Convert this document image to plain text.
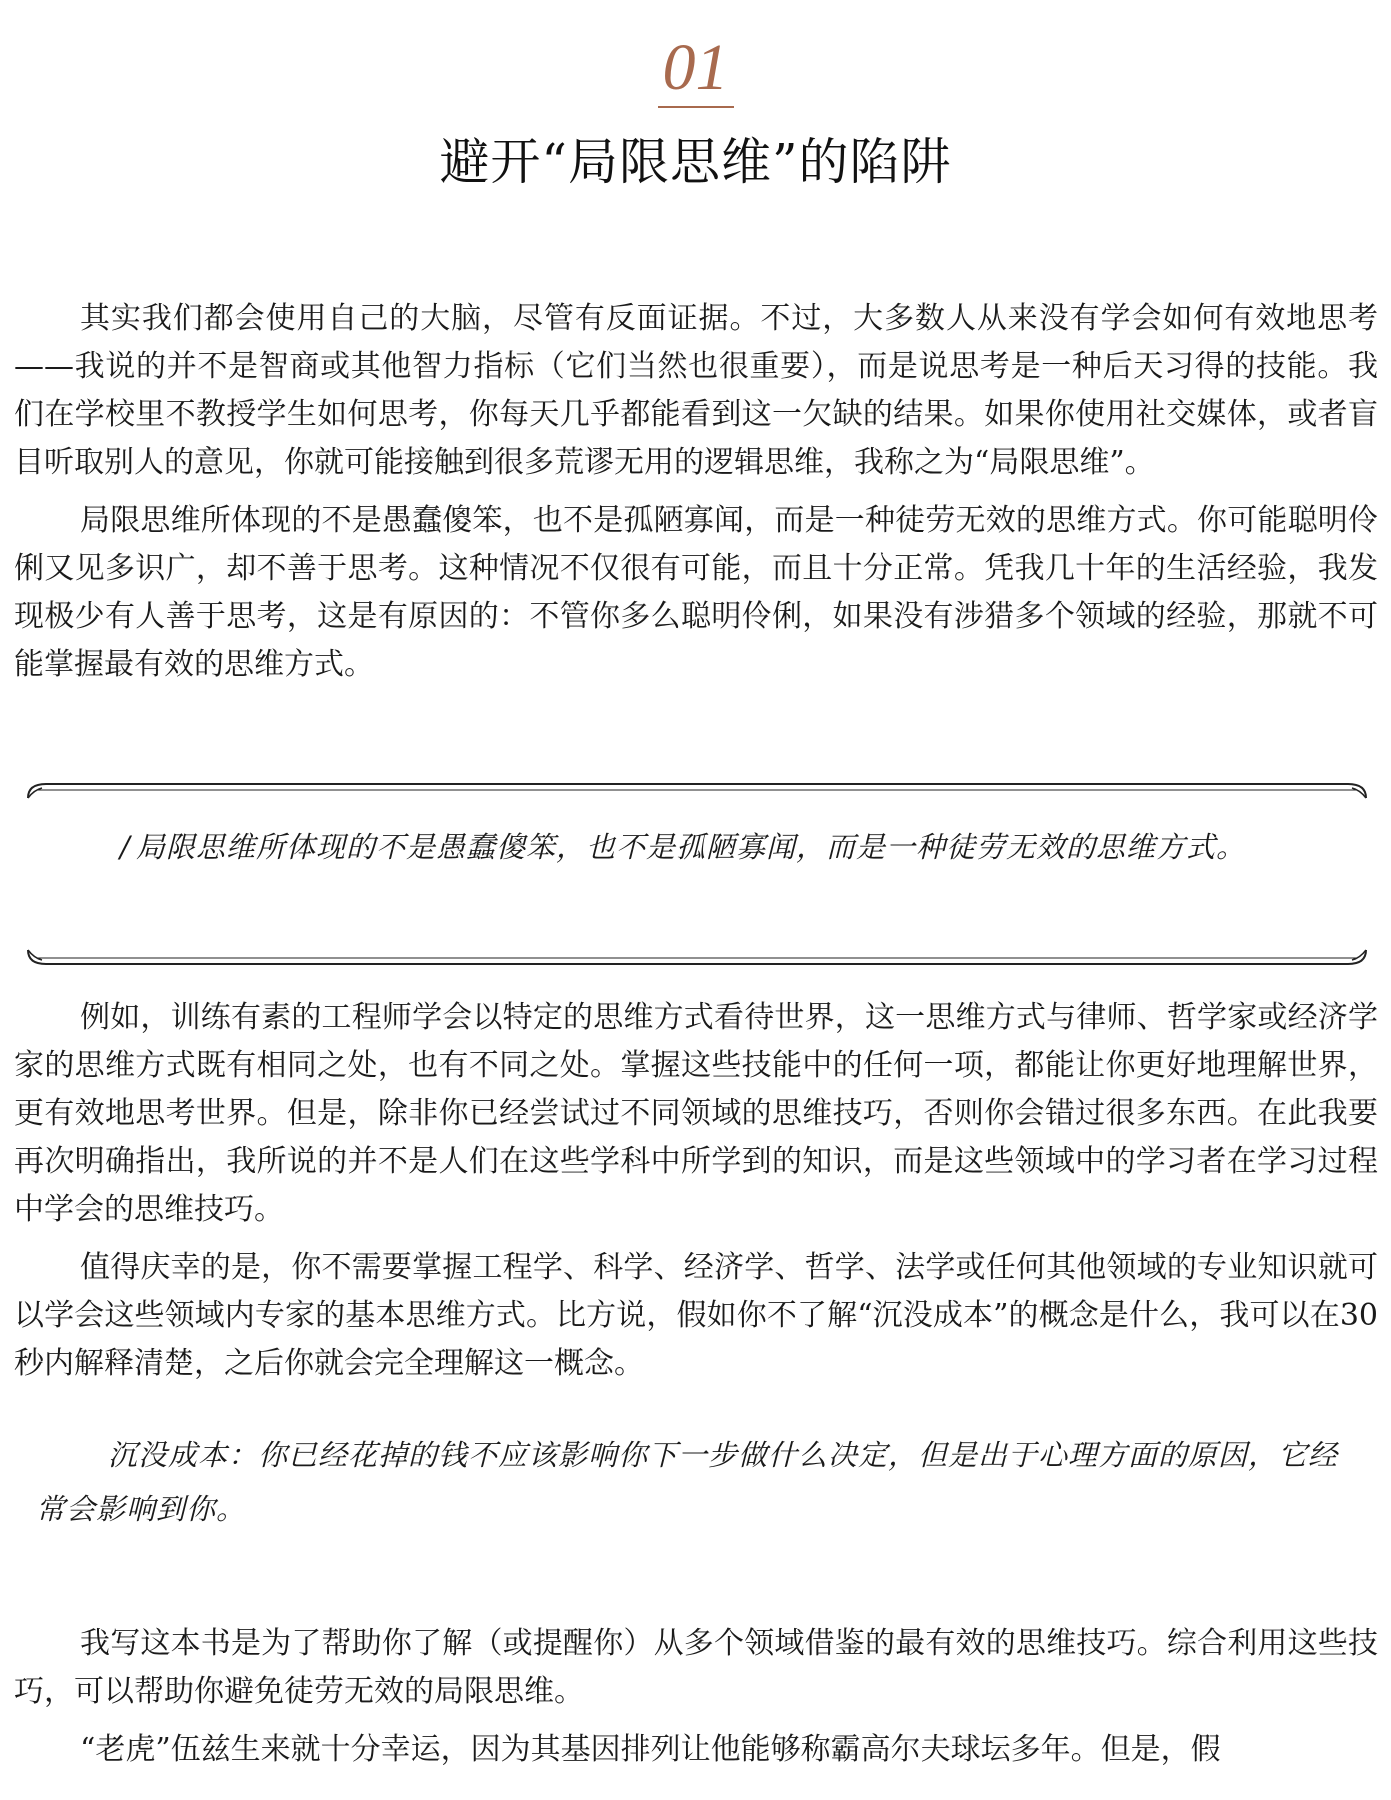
01
避开“局限思维”的陷阱

其实我们都会使用自己的大脑，尽管有反面证据。不过，大多数人从来没有学会如何有效地思考——我说的并不是智商或其他智力指标（它们当然也很重要），而是说思考是一种后天习得的技能。我们在学校里不教授学生如何思考，你每天几乎都能看到这一欠缺的结果。如果你使用社交媒体，或者盲目听取别人的意见，你就可能接触到很多荒谬无用的逻辑思维，我称之为“局限思维”。

局限思维所体现的不是愚蠢傻笨，也不是孤陋寡闻，而是一种徒劳无效的思维方式。你可能聪明伶俐又见多识广，却不善于思考。这种情况不仅很有可能，而且十分正常。凭我几十年的生活经验，我发现极少有人善于思考，这是有原因的：不管你多么聪明伶俐，如果没有涉猎多个领域的经验，那就不可能掌握最有效的思维方式。

/ 局限思维所体现的不是愚蠢傻笨，也不是孤陋寡闻，而是一种徒劳无效的思维方式。

例如，训练有素的工程师学会以特定的思维方式看待世界，这一思维方式与律师、哲学家或经济学家的思维方式既有相同之处，也有不同之处。掌握这些技能中的任何一项，都能让你更好地理解世界，更有效地思考世界。但是，除非你已经尝试过不同领域的思维技巧，否则你会错过很多东西。在此我要再次明确指出，我所说的并不是人们在这些学科中所学到的知识，而是这些领域中的学习者在学习过程中学会的思维技巧。

值得庆幸的是，你不需要掌握工程学、科学、经济学、哲学、法学或任何其他领域的专业知识就可以学会这些领域内专家的基本思维方式。比方说，假如你不了解“沉没成本”的概念是什么，我可以在30秒内解释清楚，之后你就会完全理解这一概念。

沉没成本：你已经花掉的钱不应该影响你下一步做什么决定，但是出于心理方面的原因，它经常会影响到你。

我写这本书是为了帮助你了解（或提醒你）从多个领域借鉴的最有效的思维技巧。综合利用这些技巧，可以帮助你避免徒劳无效的局限思维。

“老虎”伍兹生来就十分幸运，因为其基因排列让他能够称霸高尔夫球坛多年。但是，假
